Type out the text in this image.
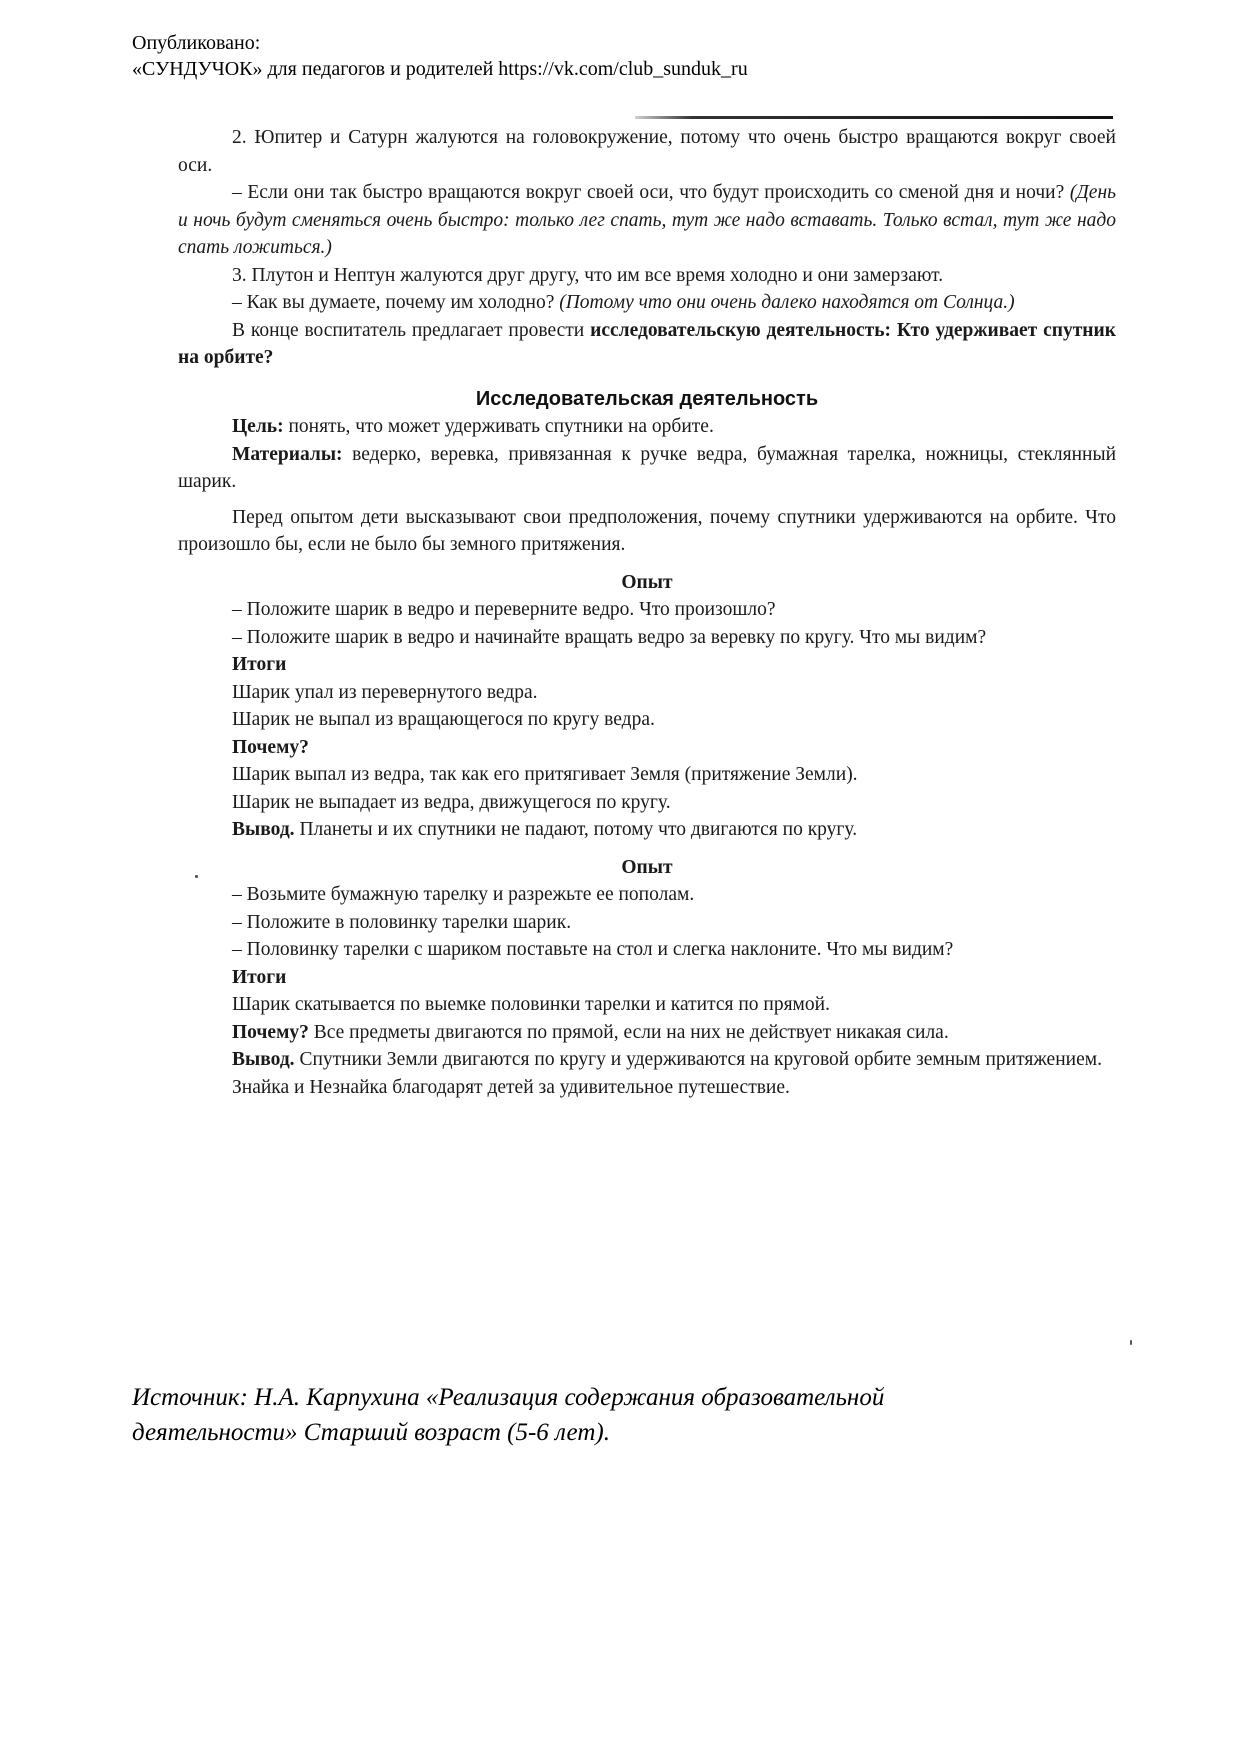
Опубликовано:
«СУНДУЧОК» для педагогов и родителей https://vk.com/club_sunduk_ru

2. Юпитер и Сатурн жалуются на головокружение, потому что очень быстро вращаются вокруг своей оси.

– Если они так быстро вращаются вокруг своей оси, что будут происходить со сменой дня и ночи? (День и ночь будут сменяться очень быстро: только лег спать, тут же надо вставать. Только встал, тут же надо спать ложиться.)

3. Плутон и Нептун жалуются друг другу, что им все время холодно и они замерзают.

– Как вы думаете, почему им холодно? (Потому что они очень далеко находятся от Солнца.)

В конце воспитатель предлагает провести исследовательскую деятельность: Кто удерживает спутник на орбите?

Исследовательская деятельность

Цель: понять, что может удерживать спутники на орбите.

Материалы: ведерко, веревка, привязанная к ручке ведра, бумажная тарелка, ножницы, стеклянный шарик.

Перед опытом дети высказывают свои предположения, почему спутники удерживаются на орбите. Что произошло бы, если не было бы земного притяжения.

Опыт

– Положите шарик в ведро и переверните ведро. Что произошло?

– Положите шарик в ведро и начинайте вращать ведро за веревку по кругу. Что мы видим?

Итоги

Шарик упал из перевернутого ведра.

Шарик не выпал из вращающегося по кругу ведра.

Почему?

Шарик выпал из ведра, так как его притягивает Земля (притяжение Земли).

Шарик не выпадает из ведра, движущегося по кругу.

Вывод. Планеты и их спутники не падают, потому что двигаются по кругу.

Опыт

– Возьмите бумажную тарелку и разрежьте ее пополам.

– Положите в половинку тарелки шарик.

– Половинку тарелки с шариком поставьте на стол и слегка наклоните. Что мы видим?

Итоги

Шарик скатывается по выемке половинки тарелки и катится по прямой.

Почему? Все предметы двигаются по прямой, если на них не действует никакая сила.

Вывод. Спутники Земли двигаются по кругу и удерживаются на круговой орбите земным притяжением.

Знайка и Незнайка благодарят детей за удивительное путешествие.

Источник: Н.А. Карпухина «Реализация содержания образовательной
деятельности» Старший возраст (5-6 лет).
